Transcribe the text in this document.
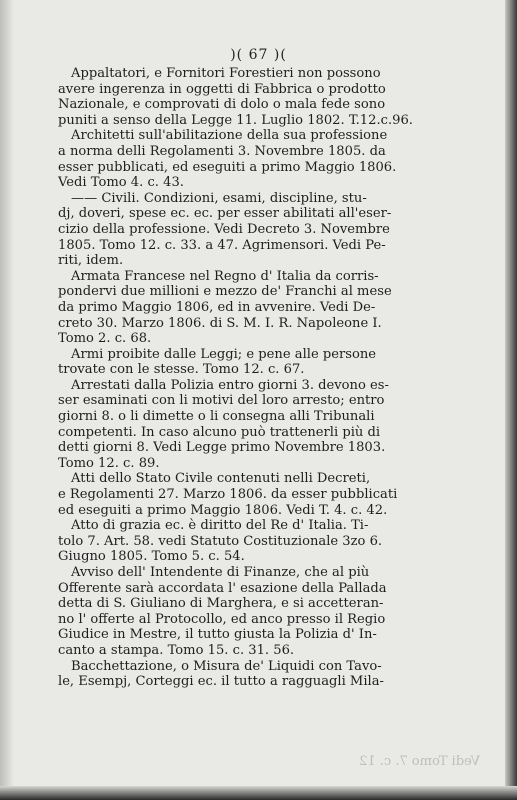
)( 67 )(
Appaltatori, e Fornitori Forestieri non possono
avere ingerenza in oggetti di Fabbrica o prodotto
Nazionale, e comprovati di dolo o mala fede sono
puniti a senso della Legge 11. Luglio 1802. T.12.c.96.
Architetti sull'abilitazione della sua professione
a norma delli Regolamenti 3. Novembre 1805. da
esser pubblicati, ed eseguiti a primo Maggio 1806.
Vedi Tomo 4. c. 43.
—— Civili. Condizioni, esami, discipline, stu-
dj, doveri, spese ec. ec. per esser abilitati all'eser-
cizio della professione. Vedi Decreto 3. Novembre
1805. Tomo 12. c. 33. a 47. Agrimensori. Vedi Pe-
riti, idem.
Armata Francese nel Regno d' Italia da corris-
pondervi due millioni e mezzo de' Franchi al mese
da primo Maggio 1806, ed in avvenire. Vedi De-
creto 30. Marzo 1806. di S. M. I. R. Napoleone I.
Tomo 2. c. 68.
Armi proibite dalle Leggi; e pene alle persone
trovate con le stesse. Tomo 12. c. 67.
Arrestati dalla Polizia entro giorni 3. devono es-
ser esaminati con li motivi del loro arresto; entro
giorni 8. o li dimette o li consegna alli Tribunali
competenti. In caso alcuno può trattenerli più di
detti giorni 8. Vedi Legge primo Novembre 1803.
Tomo 12. c. 89.
Atti dello Stato Civile contenuti nelli Decreti,
e Regolamenti 27. Marzo 1806. da esser pubblicati
ed eseguiti a primo Maggio 1806. Vedi T. 4. c. 42.
Atto di grazia ec. è diritto del Re d' Italia. Ti-
tolo 7. Art. 58. vedi Statuto Costituzionale 3zo 6.
Giugno 1805. Tomo 5. c. 54.
Avviso dell' Intendente di Finanze, che al più
Offerente sarà accordata l' esazione della Pallada
detta di S. Giuliano di Marghera, e si accetteran-
no l' offerte al Protocollo, ed anco presso il Regio
Giudice in Mestre, il tutto giusta la Polizia d' In-
canto a stampa. Tomo 15. c. 31. 56.
Bacchettazione, o Misura de' Liquidi con Tavo-
le, Esempj, Corteggi ec. il tutto a ragguagli Mila-
Vedi Tomo 7. c. 12
